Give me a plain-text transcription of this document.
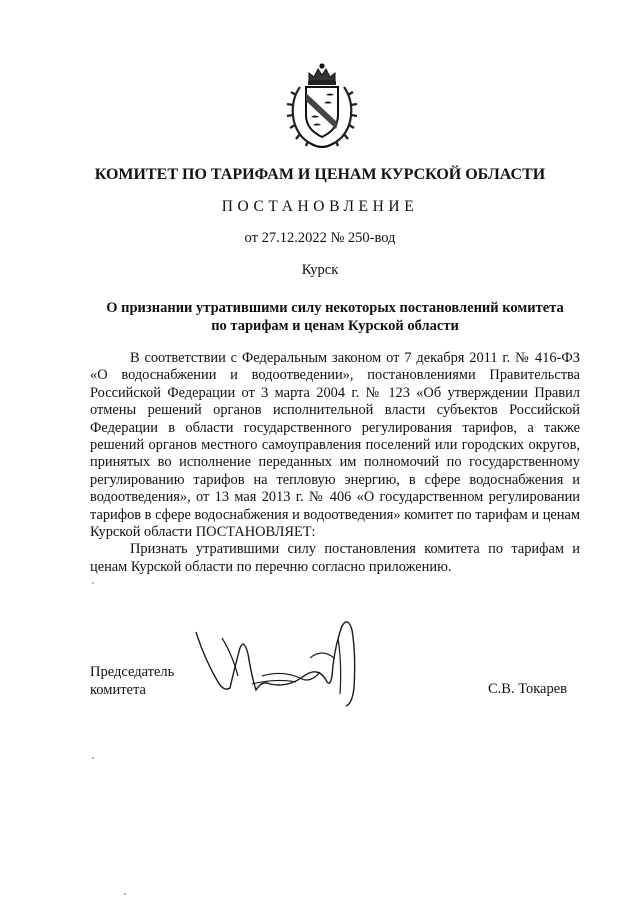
КОМИТЕТ ПО ТАРИФАМ И ЦЕНАМ КУРСКОЙ ОБЛАСТИ
ПОСТАНОВЛЕНИЕ
от 27.12.2022 № 250-вод
Курск
О признании утратившими силу некоторых постановлений комитета
по тарифам и ценам Курской области

В соответствии с Федеральным законом от 7 декабря 2011 г. № 416-ФЗ «О водоснабжении и водоотведении», постановлениями Правительства Российской Федерации от 3 марта 2004 г. № 123 «Об утверждении Правил отмены решений органов исполнительной власти субъектов Российской Федерации в области государственного регулирования тарифов, а также решений органов местного самоуправления поселений или городских округов, принятых во исполнение переданных им полномочий по государственному регулированию тарифов на тепловую энергию, в сфере водоснабжения и водоотведения», от 13 мая 2013 г. № 406 «О государственном регулировании тарифов в сфере водоснабжения и водоотведения» комитет по тарифам и ценам Курской области ПОСТАНОВЛЯЕТ:

Признать утратившими силу постановления комитета по тарифам и ценам Курской области по перечню согласно приложению.

Председатель
комитета	С.В. Токарев
